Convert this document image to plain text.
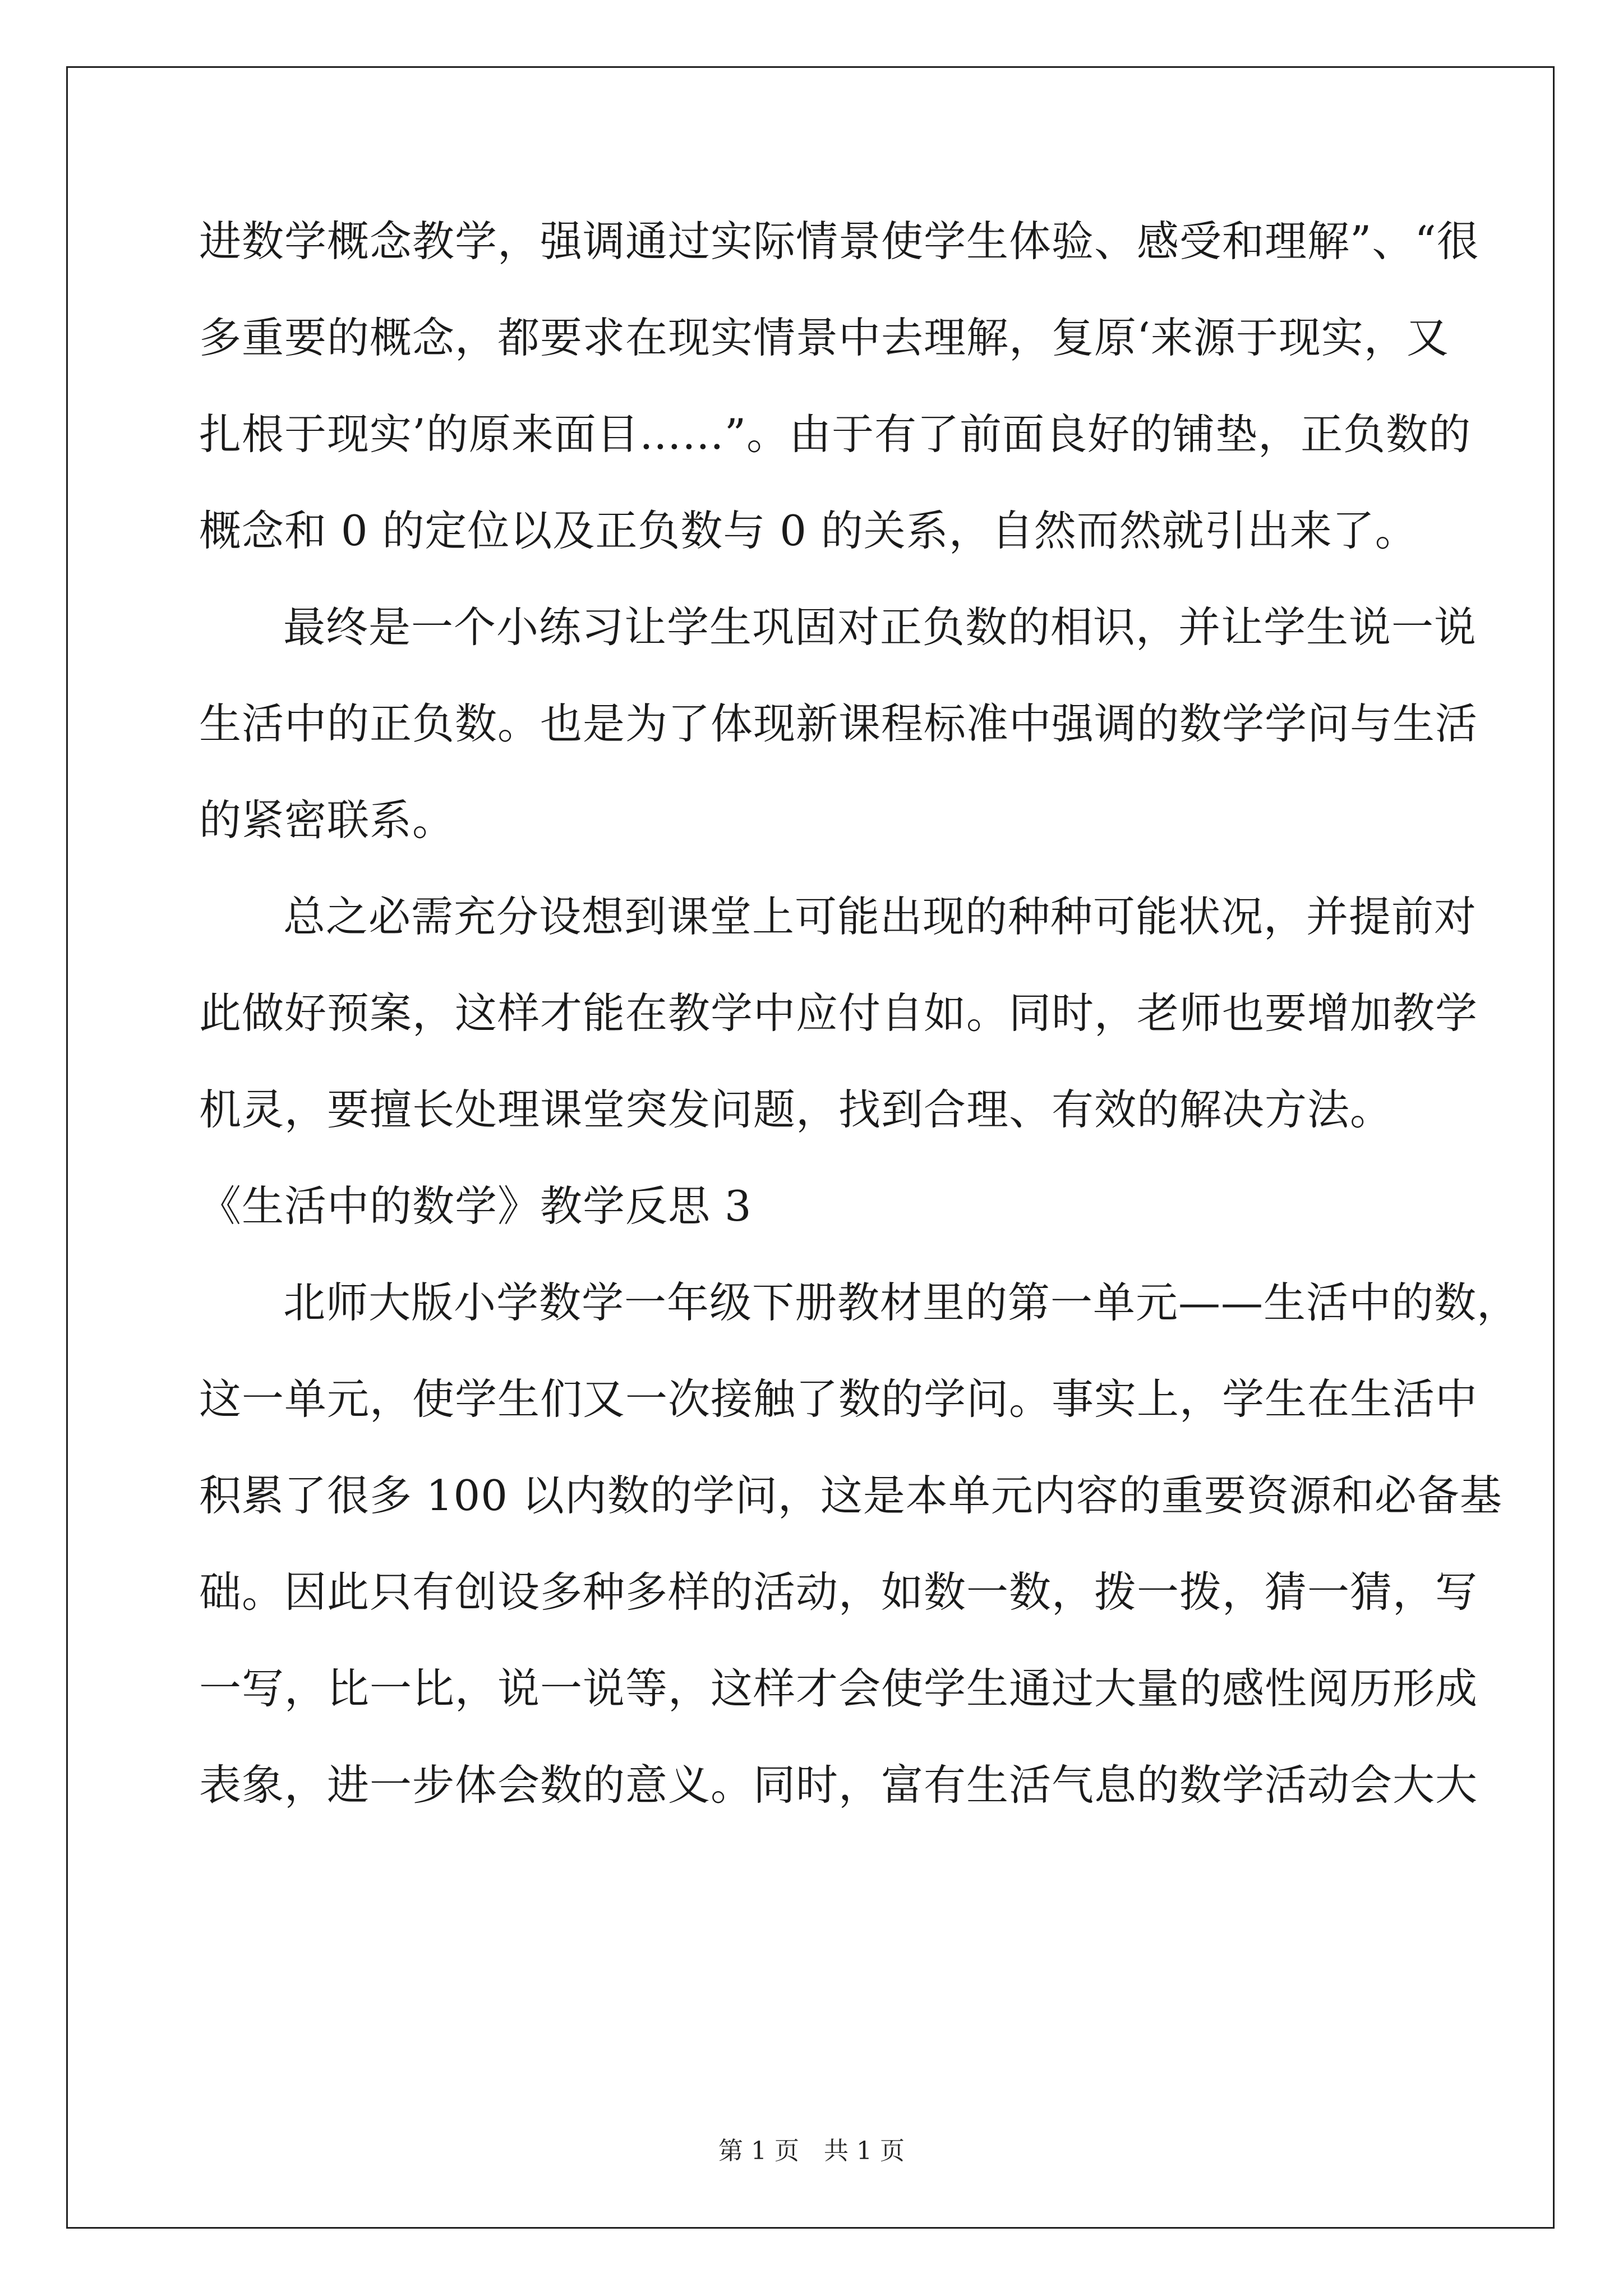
进数学概念教学，强调通过实际情景使学生体验、感受和理解”、“很
多重要的概念，都要求在现实情景中去理解，复原‘来源于现实，又
扎根于现实’的原来面目……”。由于有了前面良好的铺垫，正负数的
概念和 0 的定位以及正负数与 0 的关系，自然而然就引出来了。
最终是一个小练习让学生巩固对正负数的相识，并让学生说一说
生活中的正负数。也是为了体现新课程标准中强调的数学学问与生活
的紧密联系。
总之必需充分设想到课堂上可能出现的种种可能状况，并提前对
此做好预案，这样才能在教学中应付自如。同时，老师也要增加教学
机灵，要擅长处理课堂突发问题，找到合理、有效的解决方法。
《生活中的数学》教学反思 3
北师大版小学数学一年级下册教材里的第一单元——生活中的数，
这一单元，使学生们又一次接触了数的学问。事实上，学生在生活中
积累了很多 100 以内数的学问，这是本单元内容的重要资源和必备基
础。因此只有创设多种多样的活动，如数一数，拨一拨，猜一猜，写
一写，比一比，说一说等，这样才会使学生通过大量的感性阅历形成
表象，进一步体会数的意义。同时，富有生活气息的数学活动会大大
第 1 页　共 1 页
